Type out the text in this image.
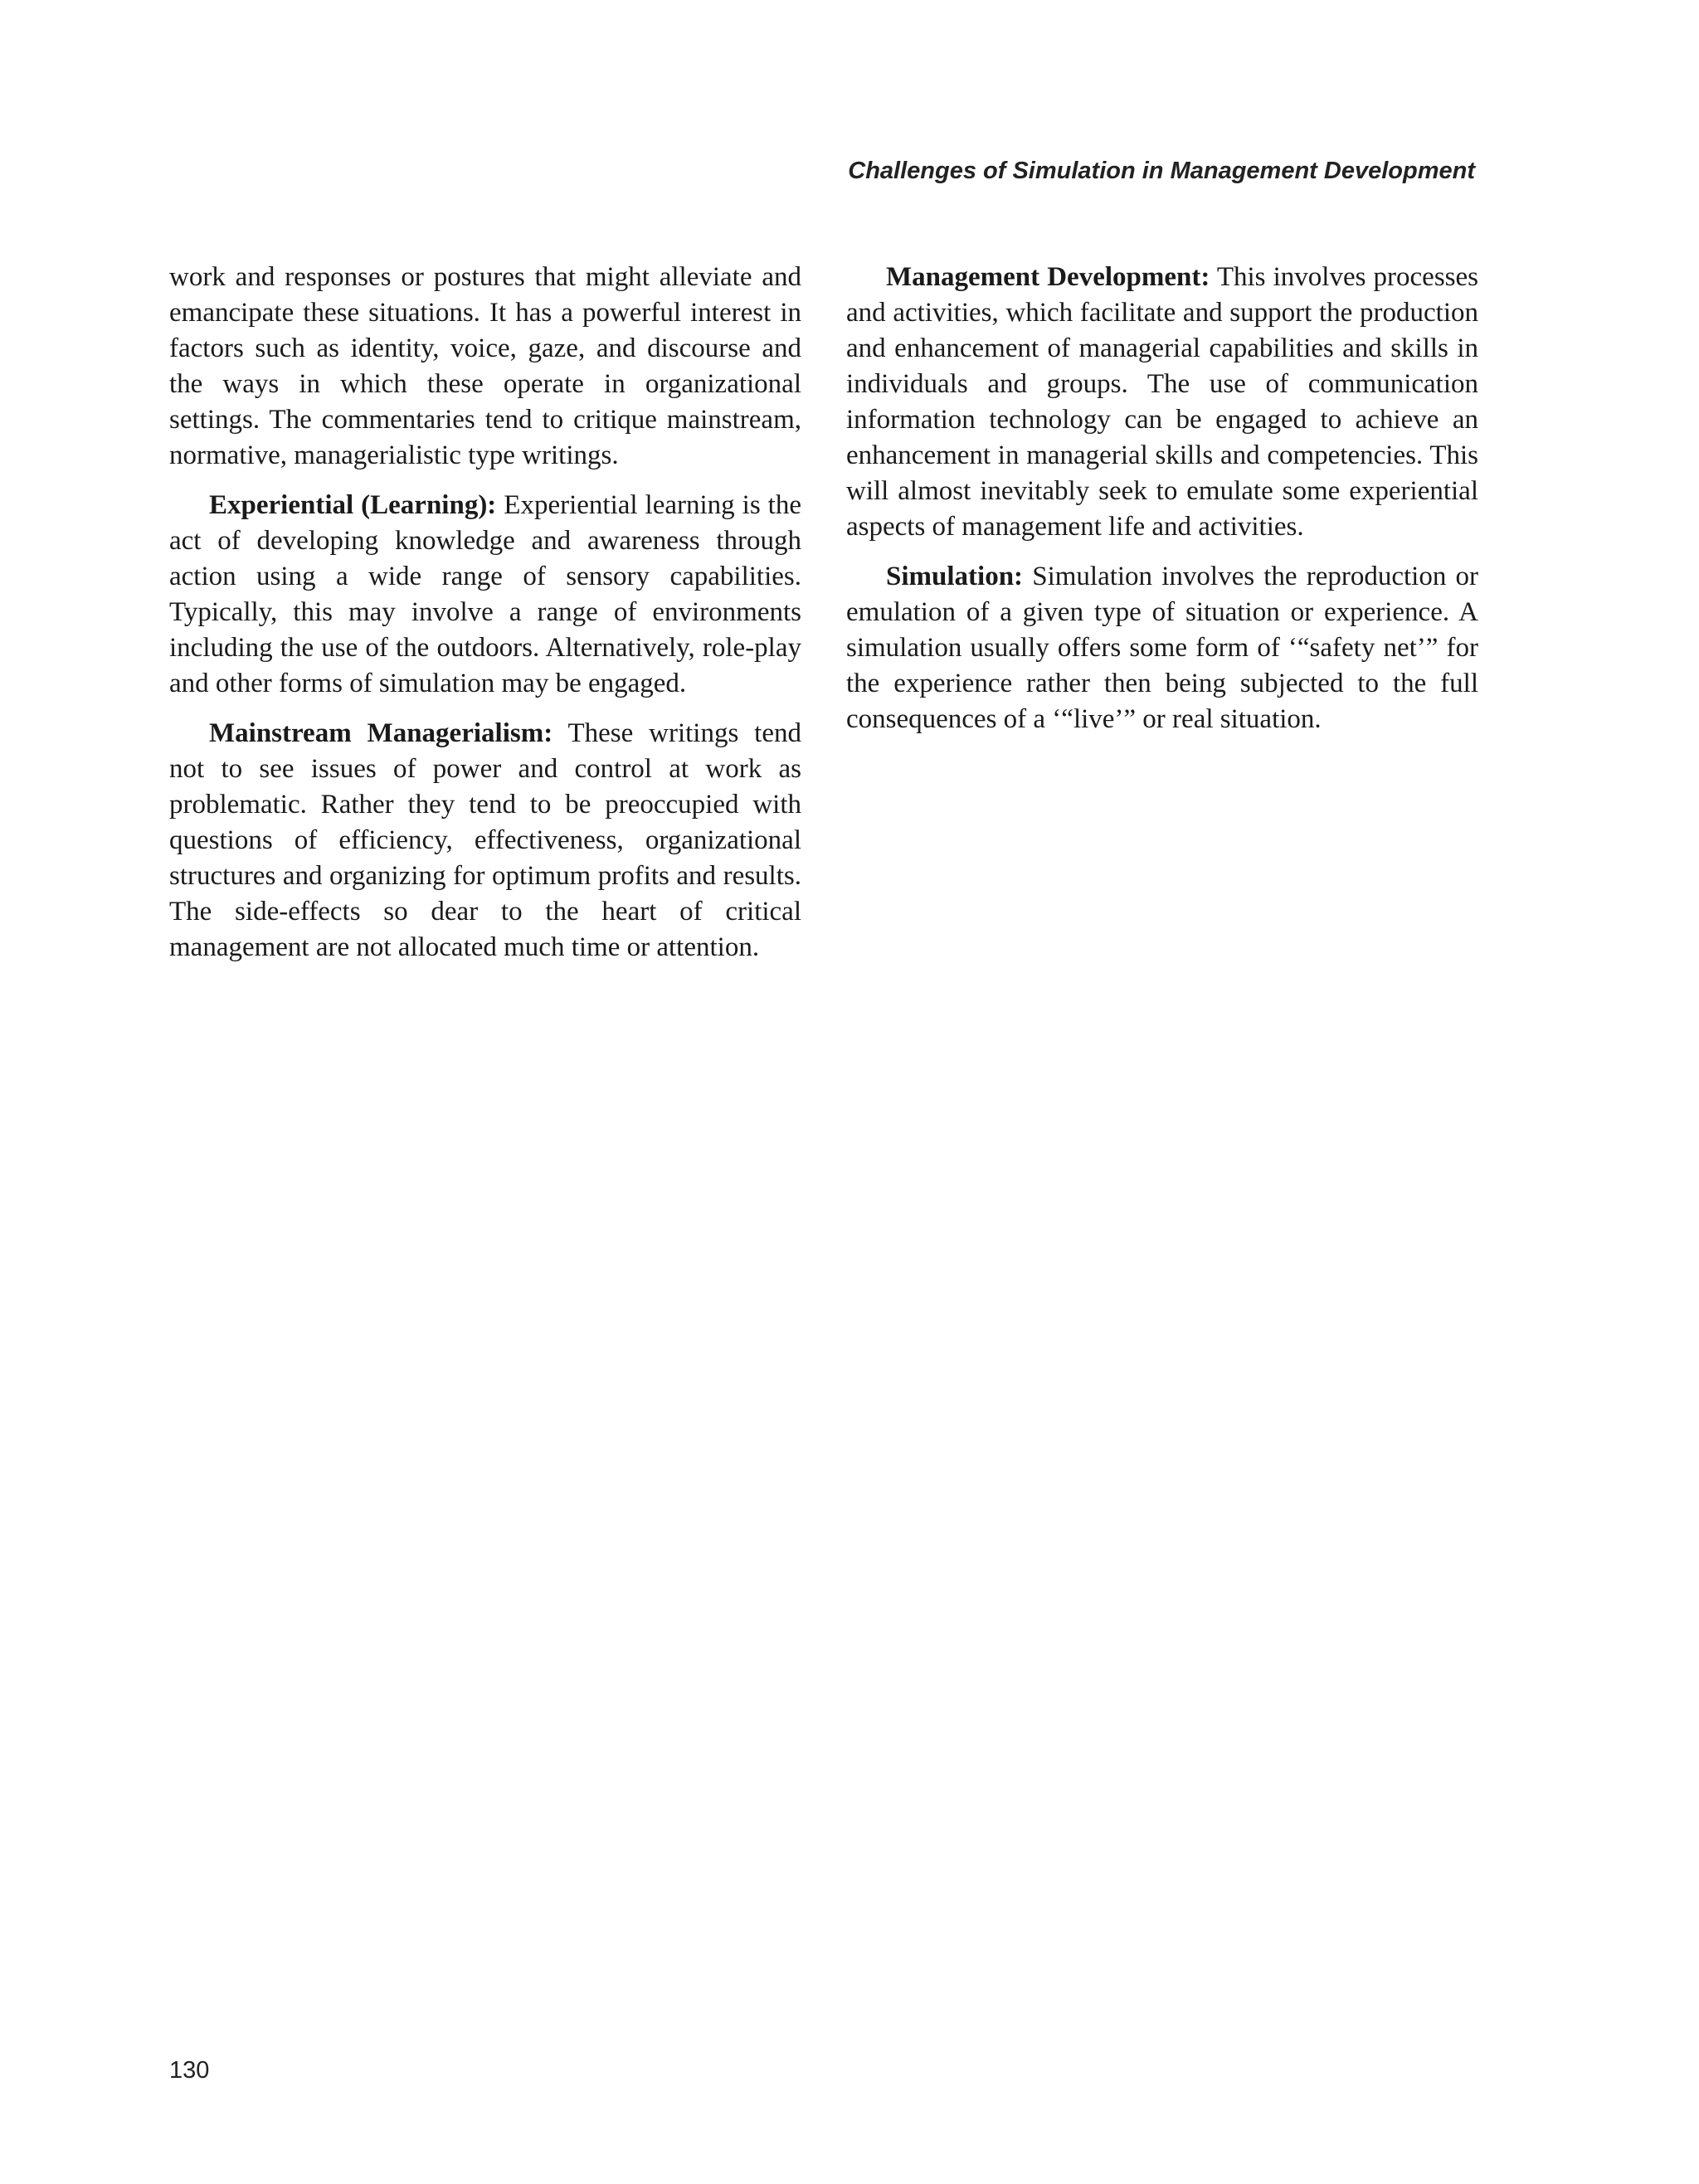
Challenges of Simulation in Management Development

work and responses or postures that might alleviate and emancipate these situations. It has a powerful interest in factors such as identity, voice, gaze, and discourse and the ways in which these operate in organizational settings. The commentaries tend to critique mainstream, normative, managerialistic type writings.

Experiential (Learning): Experiential learning is the act of developing knowledge and awareness through action using a wide range of sensory capabilities. Typically, this may involve a range of environments including the use of the outdoors. Alternatively, role-play and other forms of simulation may be engaged.

Mainstream Managerialism: These writings tend not to see issues of power and control at work as problematic. Rather they tend to be preoccupied with questions of efficiency, effectiveness, organizational structures and organizing for optimum profits and results. The side-effects so dear to the heart of critical management are not allocated much time or attention.

Management Development: This involves processes and activities, which facilitate and support the production and enhancement of managerial capabilities and skills in individuals and groups. The use of communication information technology can be engaged to achieve an enhancement in managerial skills and competencies. This will almost inevitably seek to emulate some experiential aspects of management life and activities.

Simulation: Simulation involves the reproduction or emulation of a given type of situation or experience. A simulation usually offers some form of ‘“safety net’” for the experience rather then being subjected to the full consequences of a ‘“live’” or real situation.

130
